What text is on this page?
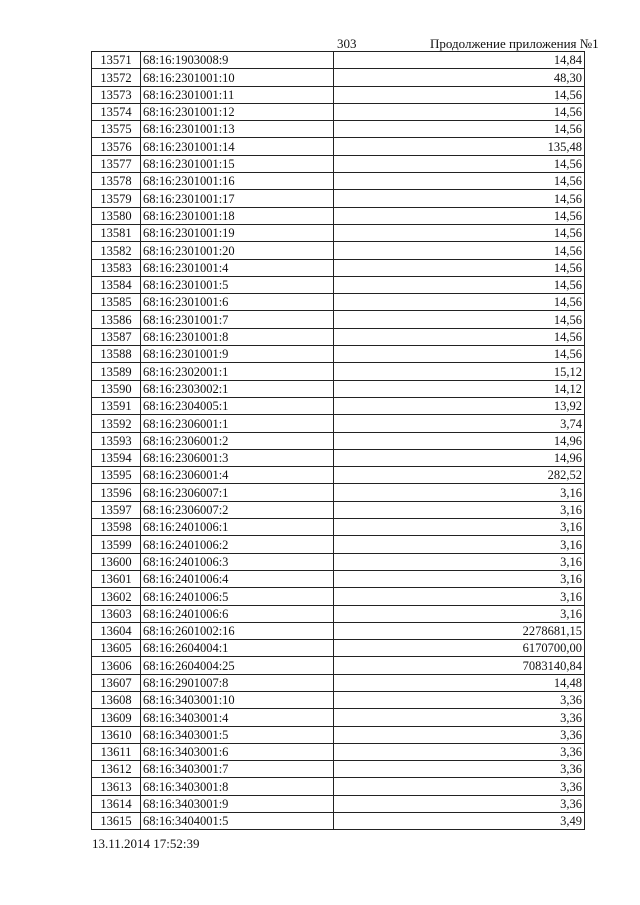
303	Продолжение приложения №1
13571	68:16:1903008:9	14,84
13572	68:16:2301001:10	48,30
13573	68:16:2301001:11	14,56
13574	68:16:2301001:12	14,56
13575	68:16:2301001:13	14,56
13576	68:16:2301001:14	135,48
13577	68:16:2301001:15	14,56
13578	68:16:2301001:16	14,56
13579	68:16:2301001:17	14,56
13580	68:16:2301001:18	14,56
13581	68:16:2301001:19	14,56
13582	68:16:2301001:20	14,56
13583	68:16:2301001:4	14,56
13584	68:16:2301001:5	14,56
13585	68:16:2301001:6	14,56
13586	68:16:2301001:7	14,56
13587	68:16:2301001:8	14,56
13588	68:16:2301001:9	14,56
13589	68:16:2302001:1	15,12
13590	68:16:2303002:1	14,12
13591	68:16:2304005:1	13,92
13592	68:16:2306001:1	3,74
13593	68:16:2306001:2	14,96
13594	68:16:2306001:3	14,96
13595	68:16:2306001:4	282,52
13596	68:16:2306007:1	3,16
13597	68:16:2306007:2	3,16
13598	68:16:2401006:1	3,16
13599	68:16:2401006:2	3,16
13600	68:16:2401006:3	3,16
13601	68:16:2401006:4	3,16
13602	68:16:2401006:5	3,16
13603	68:16:2401006:6	3,16
13604	68:16:2601002:16	2278681,15
13605	68:16:2604004:1	6170700,00
13606	68:16:2604004:25	7083140,84
13607	68:16:2901007:8	14,48
13608	68:16:3403001:10	3,36
13609	68:16:3403001:4	3,36
13610	68:16:3403001:5	3,36
13611	68:16:3403001:6	3,36
13612	68:16:3403001:7	3,36
13613	68:16:3403001:8	3,36
13614	68:16:3403001:9	3,36
13615	68:16:3404001:5	3,49
13.11.2014 17:52:39
